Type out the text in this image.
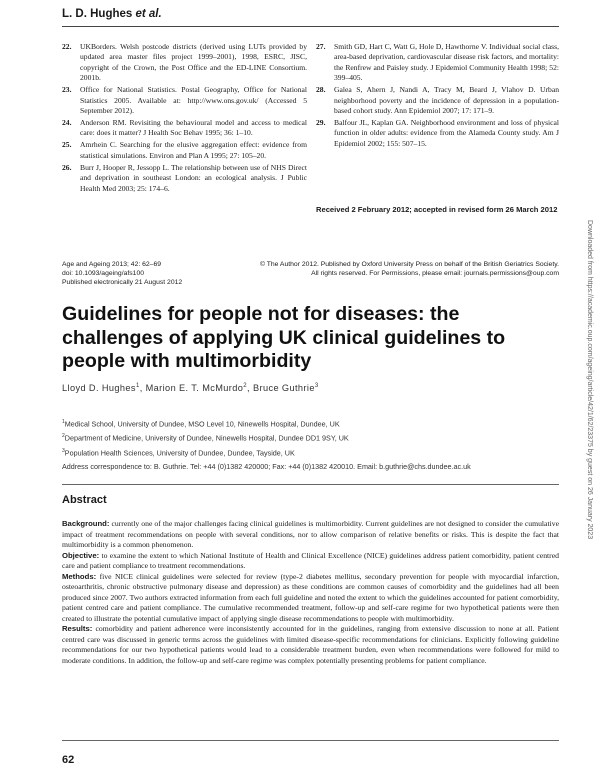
L. D. Hughes et al.
22.	UKBorders. Welsh postcode districts (derived using LUTs provided by updated area master files project 1999–2001), 1998, ESRC, JISC, copyright of the Crown, the Post Office and the ED-LINE Consortium. 2001b.
23.	Office for National Statistics. Postal Geography, Office for National Statistics 2005. Available at: http://www.ons.gov.uk/ (Accessed 5 September 2012).
24.	Anderson RM. Revisiting the behavioural model and access to medical care: does it matter? J Health Soc Behav 1995; 36: 1–10.
25.	Amrhein C. Searching for the elusive aggregation effect: evidence from statistical simulations. Environ and Plan A 1995; 27: 105–20.
26.	Burr J, Hooper R, Jessopp L. The relationship between use of NHS Direct and deprivation in southeast London: an ecological analysis. J Public Health Med 2003; 25: 174–6.
27.	Smith GD, Hart C, Watt G, Hole D, Hawthorne V. Individual social class, area-based deprivation, cardiovascular disease risk factors, and mortality: the Renfrew and Paisley study. J Epidemiol Community Health 1998; 52: 399–405.
28.	Galea S, Ahern J, Nandi A, Tracy M, Beard J, Vlahov D. Urban neighborhood poverty and the incidence of depression in a population-based cohort study. Ann Epidemiol 2007; 17: 171–9.
29.	Balfour JL, Kaplan GA. Neighborhood environment and loss of physical function in older adults: evidence from the Alameda County study. Am J Epidemiol 2002; 155: 507–15.
Received 2 February 2012; accepted in revised form 26 March 2012
Downloaded from https://academic.oup.com/ageing/article/42/1/62/23375 by guest on 26 January 2023
Age and Ageing 2013; 42: 62–69
doi: 10.1093/ageing/afs100
Published electronically 21 August 2012
© The Author 2012. Published by Oxford University Press on behalf of the British Geriatrics Society.
All rights reserved. For Permissions, please email: journals.permissions@oup.com
Guidelines for people not for diseases: the challenges of applying UK clinical guidelines to people with multimorbidity
Lloyd D. Hughes$^1$, Marion E. T. McMurdo$^2$, Bruce Guthrie$^3$
$^1$Medical School, University of Dundee, MSO Level 10, Ninewells Hospital, Dundee, UK
$^2$Department of Medicine, University of Dundee, Ninewells Hospital, Dundee DD1 9SY, UK
$^3$Population Health Sciences, University of Dundee, Dundee, Tayside, UK
Address correspondence to: B. Guthrie. Tel: +44 (0)1382 420000; Fax: +44 (0)1382 420010. Email: b.guthrie@chs.dundee.ac.uk
Abstract

Background: currently one of the major challenges facing clinical guidelines is multimorbidity. Current guidelines are not designed to consider the cumulative impact of treatment recommendations on people with several conditions, nor to allow comparison of relative benefits or risks. This is despite the fact that multimorbidity is a common phenomenon.

Objective: to examine the extent to which National Institute of Health and Clinical Excellence (NICE) guidelines address patient comorbidity, patient centred care and patient compliance to treatment recommendations.

Methods: five NICE clinical guidelines were selected for review (type-2 diabetes mellitus, secondary prevention for people with myocardial infarction, osteoarthritis, chronic obstructive pulmonary disease and depression) as these conditions are common causes of comorbidity and the guidelines had all been produced since 2007. Two authors extracted information from each full guideline and noted the extent to which the guidelines accounted for patient comorbidity, patient centred care and patient compliance. The cumulative recommended treatment, follow-up and self-care regime for two hypothetical patients were then created to illustrate the potential cumulative impact of applying single disease recommendations to people with multimorbidity.

Results: comorbidity and patient adherence were inconsistently accounted for in the guidelines, ranging from extensive discussion to none at all. Patient centred care was discussed in generic terms across the guidelines with limited disease-specific recommendations for clinicians. Explicitly following guideline recommendations for our two hypothetical patients would lead to a considerable treatment burden, even when recommendations were followed for mild to moderate conditions. In addition, the follow-up and self-care regime was complex potentially presenting problems for patient compliance.

62
